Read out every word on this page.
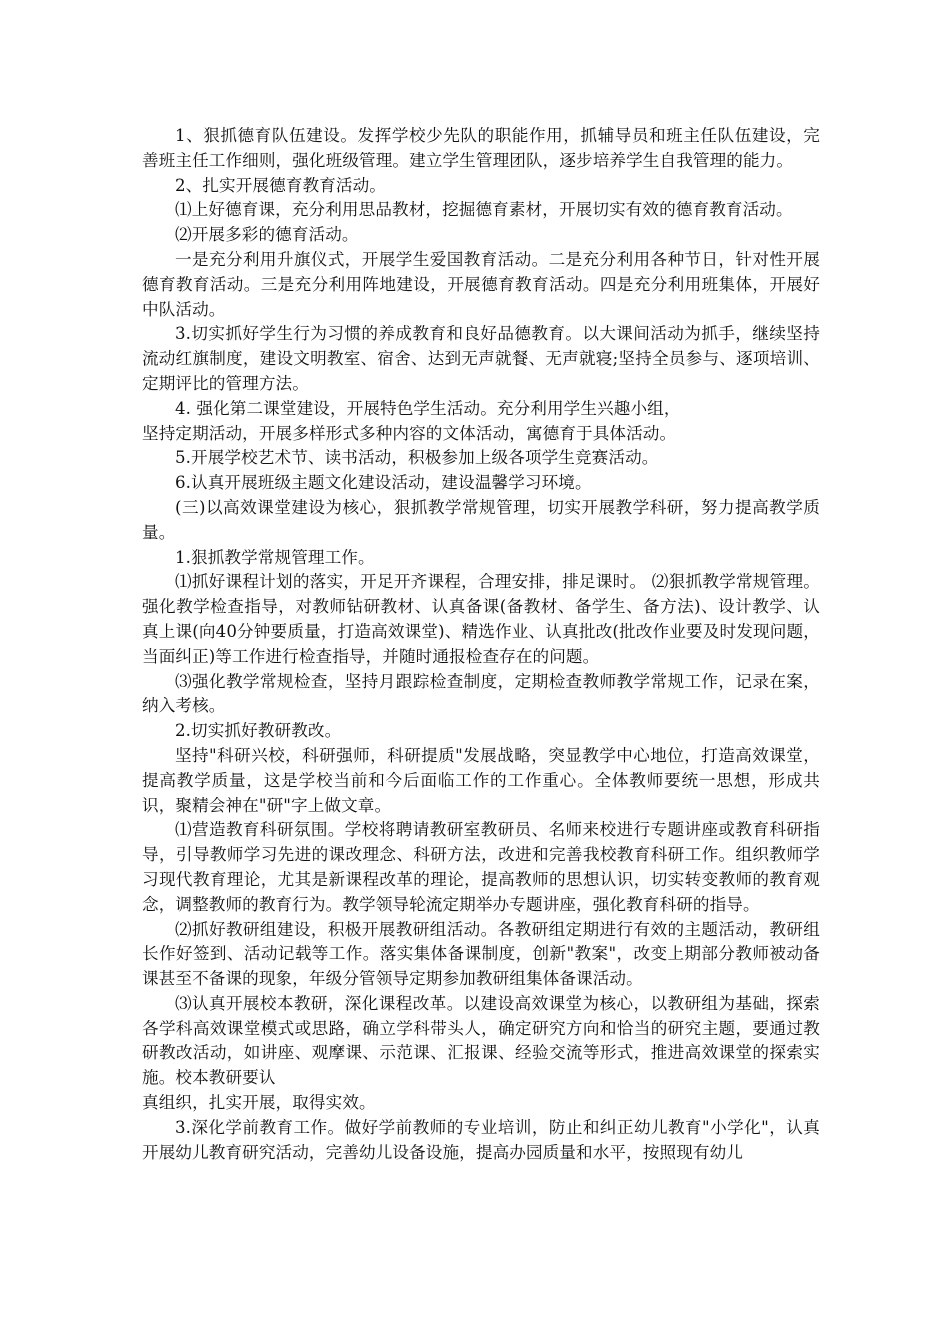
1、狠抓德育队伍建设。发挥学校少先队的职能作用，抓辅导员和班主任队伍建设，完善班主任工作细则，强化班级管理。建立学生管理团队，逐步培养学生自我管理的能力。

2、扎实开展德育教育活动。

⑴上好德育课，充分利用思品教材，挖掘德育素材，开展切实有效的德育教育活动。

⑵开展多彩的德育活动。

一是充分利用升旗仪式，开展学生爱国教育活动。二是充分利用各种节日，针对性开展德育教育活动。三是充分利用阵地建设，开展德育教育活动。四是充分利用班集体，开展好中队活动。

3.切实抓好学生行为习惯的养成教育和良好品德教育。以大课间活动为抓手，继续坚持流动红旗制度，建设文明教室、宿舍、达到无声就餐、无声就寝;坚持全员参与、逐项培训、定期评比的管理方法。

4. 强化第二课堂建设，开展特色学生活动。充分利用学生兴趣小组，

坚持定期活动，开展多样形式多种内容的文体活动，寓德育于具体活动。

5.开展学校艺术节、读书活动，积极参加上级各项学生竞赛活动。

6.认真开展班级主题文化建设活动，建设温馨学习环境。

(三)以高效课堂建设为核心，狠抓教学常规管理，切实开展教学科研，努力提高教学质量。

1.狠抓教学常规管理工作。

⑴抓好课程计划的落实，开足开齐课程，合理安排，排足课时。 ⑵狠抓教学常规管理。强化教学检查指导，对教师钻研教材、认真备课(备教材、备学生、备方法)、设计教学、认真上课(向40分钟要质量，打造高效课堂)、精选作业、认真批改(批改作业要及时发现问题，当面纠正)等工作进行检查指导，并随时通报检查存在的问题。

⑶强化教学常规检查，坚持月跟踪检查制度，定期检查教师教学常规工作，记录在案，纳入考核。

2.切实抓好教研教改。

坚持"科研兴校，科研强师，科研提质"发展战略，突显教学中心地位，打造高效课堂，提高教学质量，这是学校当前和今后面临工作的工作重心。全体教师要统一思想，形成共识，聚精会神在"研"字上做文章。

⑴营造教育科研氛围。学校将聘请教研室教研员、名师来校进行专题讲座或教育科研指导，引导教师学习先进的课改理念、科研方法，改进和完善我校教育科研工作。组织教师学习现代教育理论，尤其是新课程改革的理论，提高教师的思想认识，切实转变教师的教育观念，调整教师的教育行为。教学领导轮流定期举办专题讲座，强化教育科研的指导。

⑵抓好教研组建设，积极开展教研组活动。各教研组定期进行有效的主题活动，教研组长作好签到、活动记载等工作。落实集体备课制度，创新"教案"，改变上期部分教师被动备课甚至不备课的现象，年级分管领导定期参加教研组集体备课活动。

⑶认真开展校本教研，深化课程改革。以建设高效课堂为核心，以教研组为基础，探索各学科高效课堂模式或思路，确立学科带头人，确定研究方向和恰当的研究主题，要通过教研教改活动，如讲座、观摩课、示范课、汇报课、经验交流等形式，推进高效课堂的探索实施。校本教研要认

真组织，扎实开展，取得实效。

3.深化学前教育工作。做好学前教师的专业培训，防止和纠正幼儿教育"小学化"，认真开展幼儿教育研究活动，完善幼儿设备设施，提高办园质量和水平，按照现有幼儿
